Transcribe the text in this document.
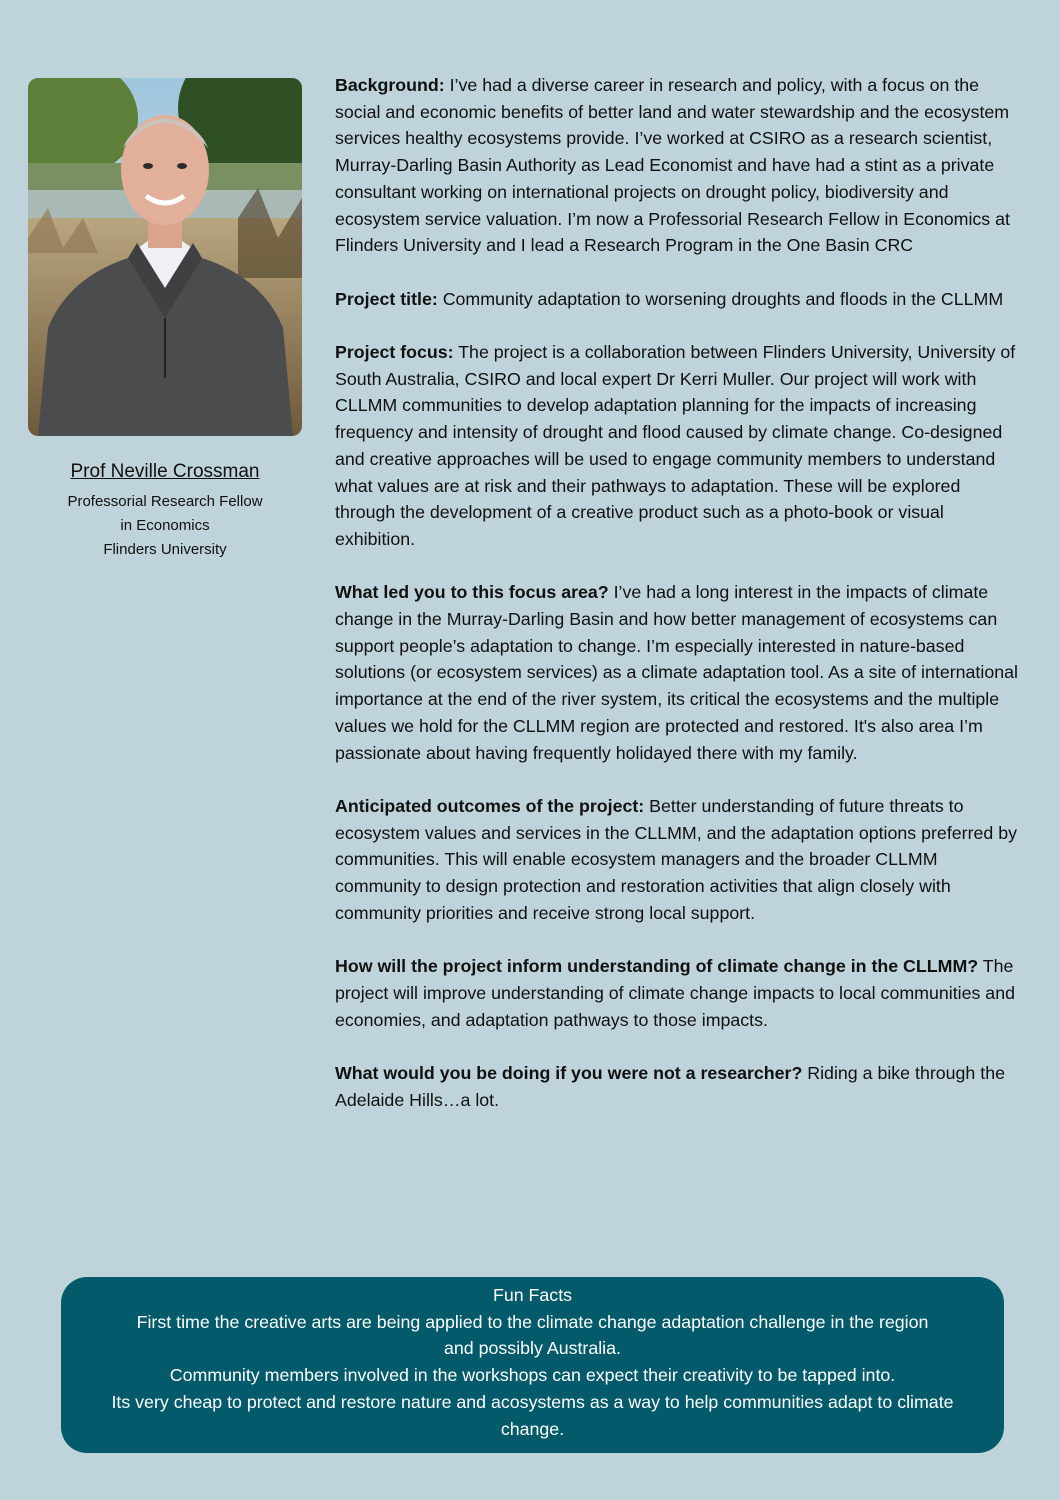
Prof Neville Crossman
Professorial Research Fellow
in Economics
Flinders University

Background: I’ve had a diverse career in research and policy, with a focus on the social and economic benefits of better land and water stewardship and the ecosystem services healthy ecosystems provide. I’ve worked at CSIRO as a research scientist, Murray-Darling Basin Authority as Lead Economist and have had a stint as a private consultant working on international projects on drought policy, biodiversity and ecosystem service valuation. I’m now a Professorial Research Fellow in Economics at Flinders University and I lead a Research Program in the One Basin CRC

Project title: Community adaptation to worsening droughts and floods in the CLLMM

Project focus: The project is a collaboration between Flinders University, University of South Australia, CSIRO and local expert Dr Kerri Muller. Our project will work with CLLMM communities to develop adaptation planning for the impacts of increasing frequency and intensity of drought and flood caused by climate change. Co-designed and creative approaches will be used to engage community members to understand what values are at risk and their pathways to adaptation. These will be explored through the development of a creative product such as a photo-book or visual exhibition.

What led you to this focus area? I’ve had a long interest in the impacts of climate change in the Murray-Darling Basin and how better management of ecosystems can support people’s adaptation to change. I’m especially interested in nature-based solutions (or ecosystem services) as a climate adaptation tool. As a site of international importance at the end of the river system, its critical the ecosystems and the multiple values we hold for the CLLMM region are protected and restored. It's also area I’m passionate about having frequently holidayed there with my family.

Anticipated outcomes of the project: Better understanding of future threats to ecosystem values and services in the CLLMM, and the adaptation options preferred by communities. This will enable ecosystem managers and the broader CLLMM community to design protection and restoration activities that align closely with community priorities and receive strong local support.

How will the project inform understanding of climate change in the CLLMM? The project will improve understanding of climate change impacts to local communities and economies, and adaptation pathways to those impacts.

What would you be doing if you were not a researcher? Riding a bike through the Adelaide Hills…a lot.

Fun Facts

First time the creative arts are being applied to the climate change adaptation challenge in the region and possibly Australia.

Community members involved in the workshops can expect their creativity to be tapped into.

Its very cheap to protect and restore nature and acosystems as a way to help communities adapt to climate change.
